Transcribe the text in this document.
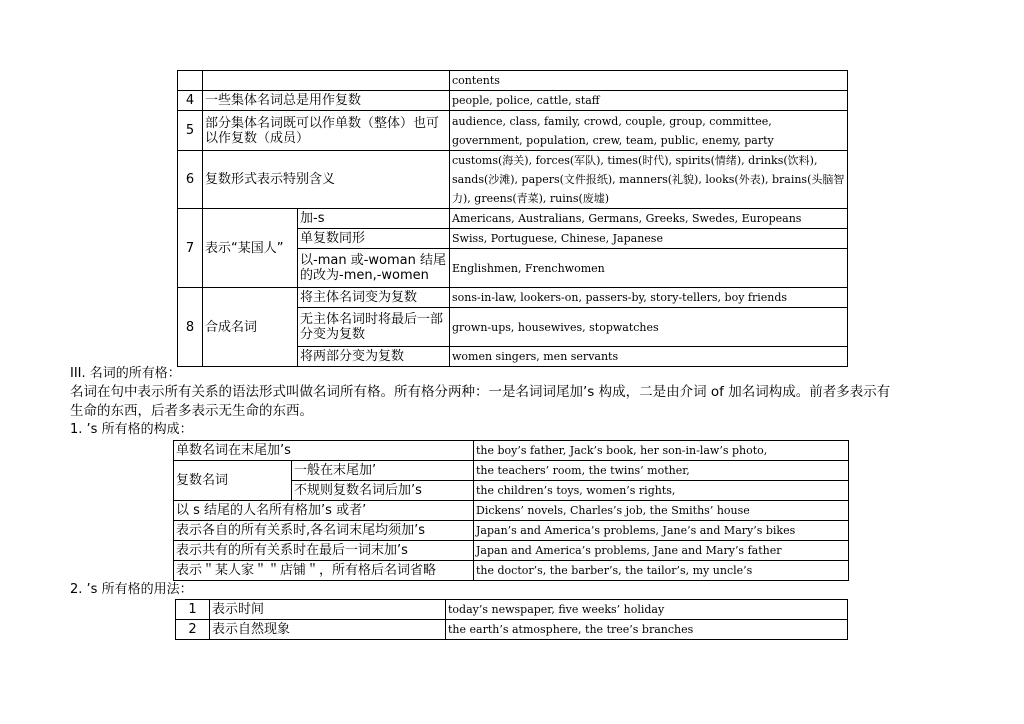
			contents
4	一些集体名词总是用作复数		people, police, cattle, staff
5	部分集体名词既可以作单数（整体）也可以作复数（成员）		audience, class, family, crowd, couple, group, committee, government, population, crew, team, public, enemy, party
6	复数形式表示特别含义		customs(海关), forces(军队), times(时代), spirits(情绪), drinks(饮料), sands(沙滩), papers(文件报纸), manners(礼貌), looks(外表), brains(头脑智力), greens(青菜), ruins(废墟)
7	表示“某国人”	加-s	Americans, Australians, Germans, Greeks, Swedes, Europeans
		单复数同形	Swiss, Portuguese, Chinese, Japanese
		以-man 或-woman 结尾的改为-men,-women	Englishmen, Frenchwomen
8	合成名词	将主体名词变为复数	sons-in-law, lookers-on, passers-by, story-tellers, boy friends
		无主体名词时将最后一部分变为复数	grown-ups, housewives, stopwatches
		将两部分变为复数	women singers, men servants
III. 名词的所有格：
名词在句中表示所有关系的语法形式叫做名词所有格。所有格分两种：一是名词词尾加’s 构成，二是由介词 of 加名词构成。前者多表示有
生命的东西，后者多表示无生命的东西。
1. ’s 所有格的构成：
单数名词在末尾加’s		the boy’s father, Jack’s book, her son-in-law’s photo,
复数名词	一般在末尾加’	the teachers’ room, the twins’ mother,
	不规则复数名词后加’s	the children’s toys, women’s rights,
以 s 结尾的人名所有格加’s 或者’		Dickens’ novels, Charles’s job, the Smiths’ house
表示各自的所有关系时,各名词末尾均须加’s		Japan’s and America’s problems, Jane’s and Mary’s bikes
表示共有的所有关系时在最后一词末加’s		Japan and America’s problems, Jane and Mary’s father
表示＂某人家＂＂店铺＂，所有格后名词省略		the doctor’s, the barber’s, the tailor’s, my uncle’s
2. ’s 所有格的用法：
1	表示时间	today’s newspaper, five weeks’ holiday
2	表示自然现象	the earth’s atmosphere, the tree’s branches
